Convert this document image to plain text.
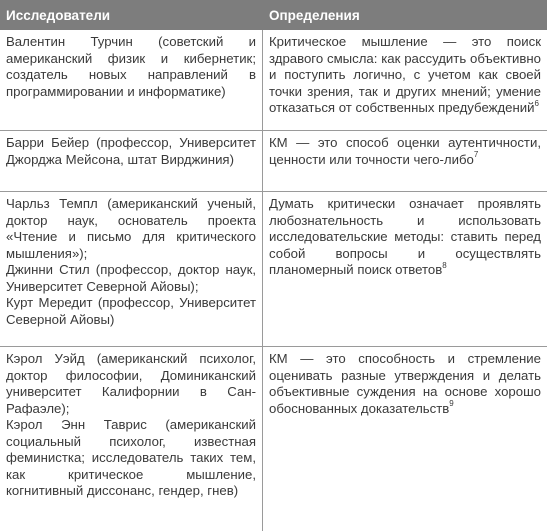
Исследователи	Определения

Валентин Турчин (советский и американский физик и кибернетик; создатель новых направлений в программировании и информатике)

Критическое мышление — это поиск здравого смысла: как рассудить объективно и поступить логично, с учетом как своей точки зрения, так и других мнений; умение отказаться от собственных предубеждений$^6$

Барри Бейер (профессор, Университет Джорджа Мейсона, штат Вирджиния)

КМ — это способ оценки аутентичности, ценности или точности чего-либо$^7$

Чарльз Темпл (американский ученый, доктор наук, основатель проекта «Чтение и письмо для критического мышления»);

Джинни Стил (профессор, доктор наук, Университет Северной Айовы);

Курт Мередит (профессор, Университет Северной Айовы)

Думать критически означает проявлять любознательность и использовать исследовательские методы: ставить перед собой вопросы и осуществлять планомерный поиск ответов$^8$

Кэрол Уэйд (американский психолог, доктор философии, Доминиканский университет Калифорнии в Сан-Рафаэле);

Кэрол Энн Таврис (американский социальный психолог, известная феминистка; исследователь таких тем, как критическое мышление, когнитивный диссонанс, гендер, гнев)

КМ — это способность и стремление оценивать разные утверждения и делать объективные суждения на основе хорошо обоснованных доказательств$^9$
